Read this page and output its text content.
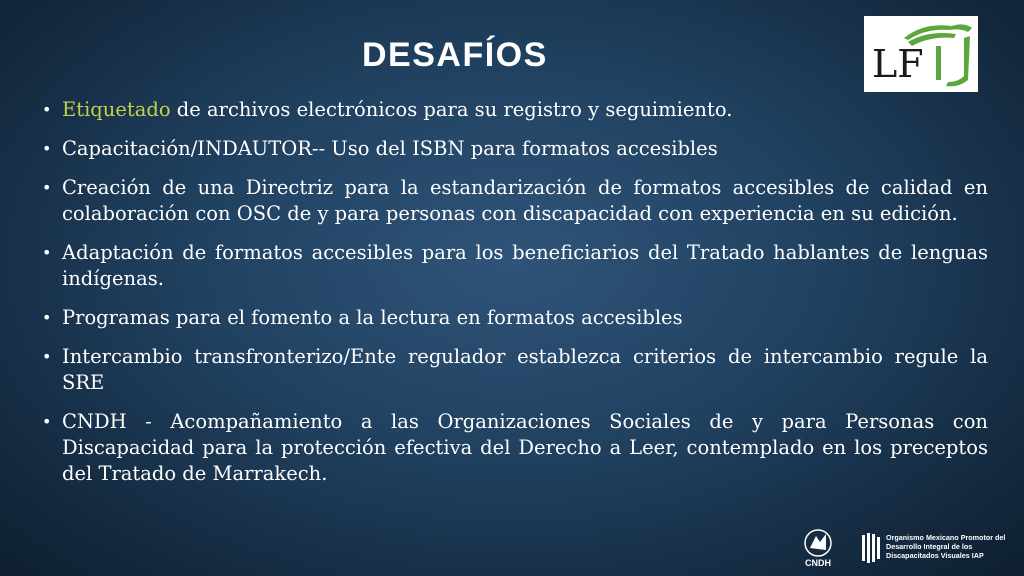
DESAFÍOS	LF
• Etiquetado de archivos electrónicos para su registro y seguimiento.
• Capacitación/INDAUTOR-- Uso del ISBN para formatos accesibles
• Creación de una Directriz para la estandarización de formatos accesibles de calidad en colaboración con OSC de y para personas con discapacidad con experiencia en su edición.
• Adaptación de formatos accesibles para los beneficiarios del Tratado hablantes de lenguas indígenas.
• Programas para el fomento a la lectura en formatos accesibles
• Intercambio transfronterizo/Ente regulador establezca criterios de intercambio regule la SRE
• CNDH - Acompañamiento a las Organizaciones Sociales de y para Personas con Discapacidad para la protección efectiva del Derecho a Leer, contemplado en los preceptos del Tratado de Marrakech.
CNDH
Organismo Mexicano Promotor del Desarrollo Integral de los Discapacitados Visuales IAP
